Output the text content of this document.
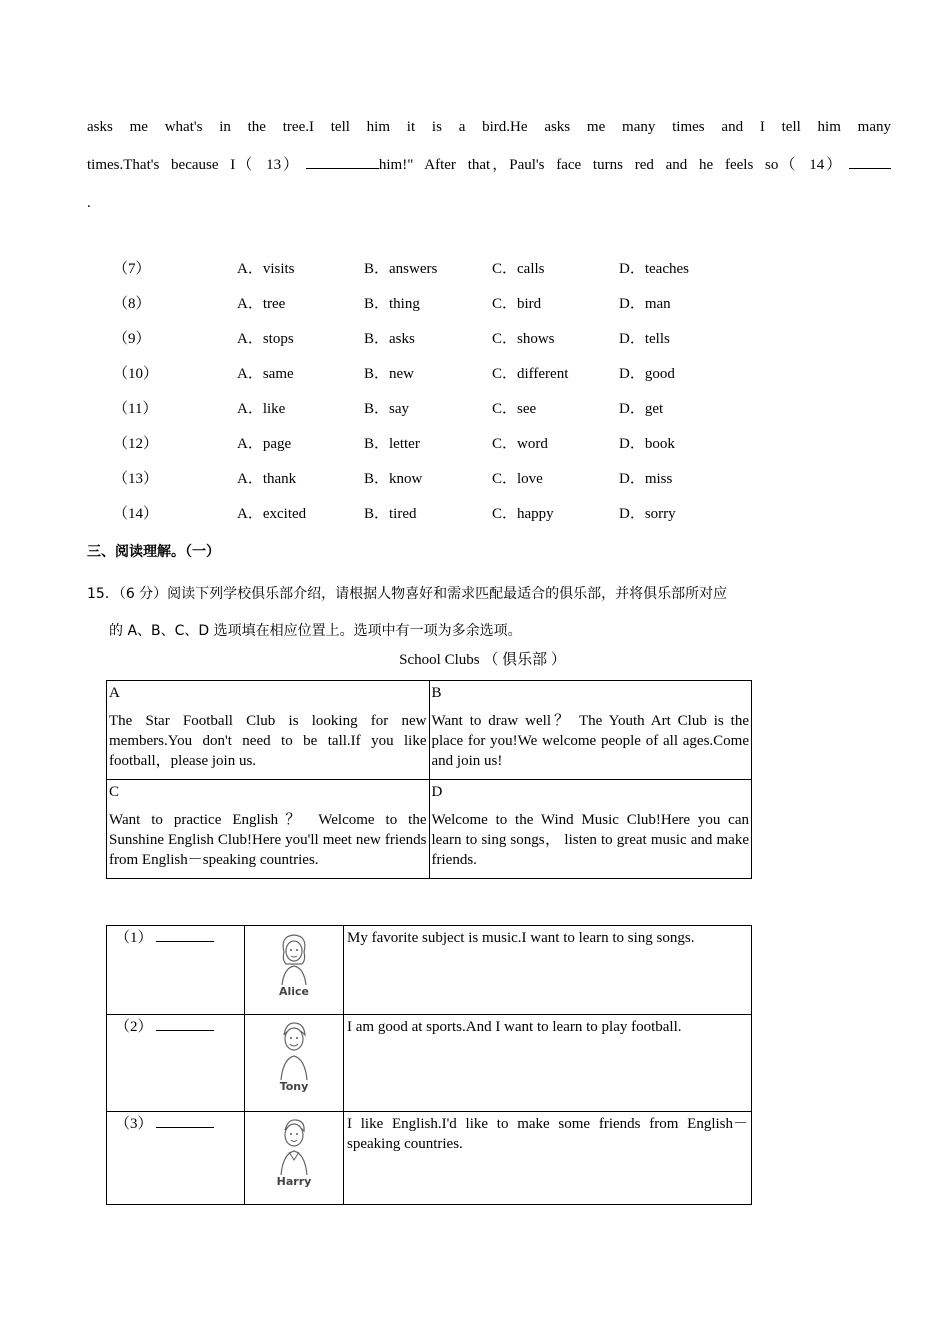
asks me what's in the tree.I tell him it is a bird.He asks me many times and I tell him many
times.That's because I（ 13）	him!" After that，Paul's face turns red and he feels so（ 14）
.
（7）	A．visits	B．answers	C．calls	D．teaches
（8）	A．tree	B．thing	C．bird	D．man
（9）	A．stops	B．asks	C．shows	D．tells
（10）	A．same	B．new	C．different	D．good
（11）	A．like	B．say	C．see	D．get
（12）	A．page	B．letter	C．word	D．book
（13）	A．thank	B．know	C．love	D．miss
（14）	A．excited	B．tired	C．happy	D．sorry
三、阅读理解。（一）
15．（6 分）阅读下列学校俱乐部介绍，请根据人物喜好和需求匹配最适合的俱乐部，并将俱乐部所对应
的 A、B、C、D 选项填在相应位置上。选项中有一项为多余选项。
School Clubs （ 俱乐部 ）
A
The Star Football Club is looking for new members.You don't need to be tall.If you like football，please join us.	B
Want to draw well？ The Youth Art Club is the place for you!We welcome people of all ages.Come and join us!

C
Want to practice English？ Welcome to the Sunshine English Club!Here you'll meet new friends from English－speaking countries.	D
Welcome to the Wind Music Club!Here you can learn to sing songs， listen to great music and make friends.
（1）	Alice	My favorite subject is music.I want to learn to sing songs.
（2）	Tony	I am good at sports.And I want to learn to play football.
（3）	Harry	I like English.I'd like to make some friends from English－speaking countries.
